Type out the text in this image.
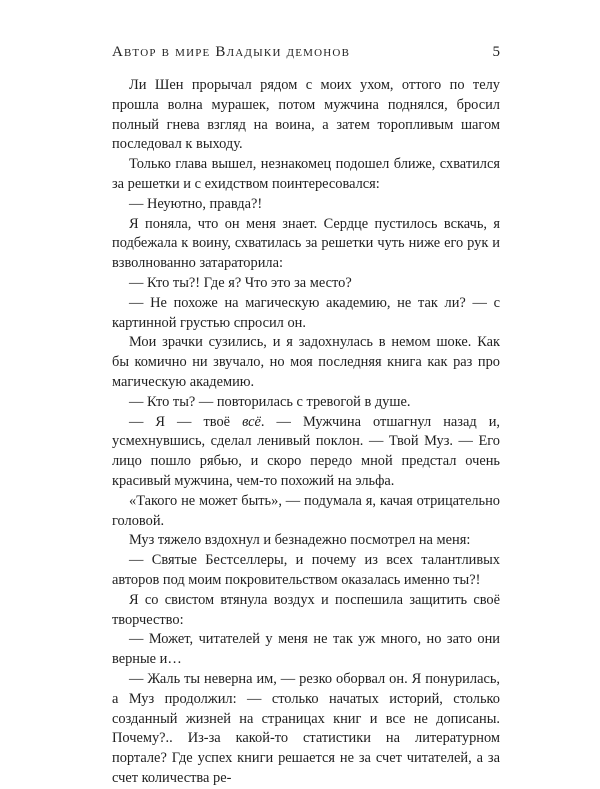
Автор в мире Владыки демонов	5

Ли Шен прорычал рядом с моих ухом, оттого по телу прошла волна мурашек, потом мужчина поднялся, бросил полный гнева взгляд на воина, а затем торопливым шагом последовал к выходу.

Только глава вышел, незнакомец подошел ближе, схватился за решетки и с ехидством поинтересовался:

— Неуютно, правда?!

Я поняла, что он меня знает. Сердце пустилось вскачь, я подбежала к воину, схватилась за решетки чуть ниже его рук и взволнованно затараторила:

— Кто ты?! Где я? Что это за место?

— Не похоже на магическую академию, не так ли? — с картинной грустью спросил он.

Мои зрачки сузились, и я задохнулась в немом шоке. Как бы комично ни звучало, но моя последняя книга как раз про магическую академию.

— Кто ты? — повторилась с тревогой в душе.

— Я — твоё всё. — Мужчина отшагнул назад и, усмехнувшись, сделал ленивый поклон. — Твой Муз. — Его лицо пошло рябью, и скоро передо мной предстал очень красивый мужчина, чем-то похожий на эльфа.

«Такого не может быть», — подумала я, качая отрицательно головой.

Муз тяжело вздохнул и безнадежно посмотрел на меня:

— Святые Бестселлеры, и почему из всех талантливых авторов под моим покровительством оказалась именно ты?!

Я со свистом втянула воздух и поспешила защитить своё творчество:

— Может, читателей у меня не так уж много, но зато они верные и…

— Жаль ты неверна им, — резко оборвал он. Я понурилась, а Муз продолжил: — столько начатых историй, столько созданный жизней на страницах книг и все не дописаны. Почему?.. Из-за какой-то статистики на литературном портале? Где успех книги решается не за счет читателей, а за счет количества ре-
